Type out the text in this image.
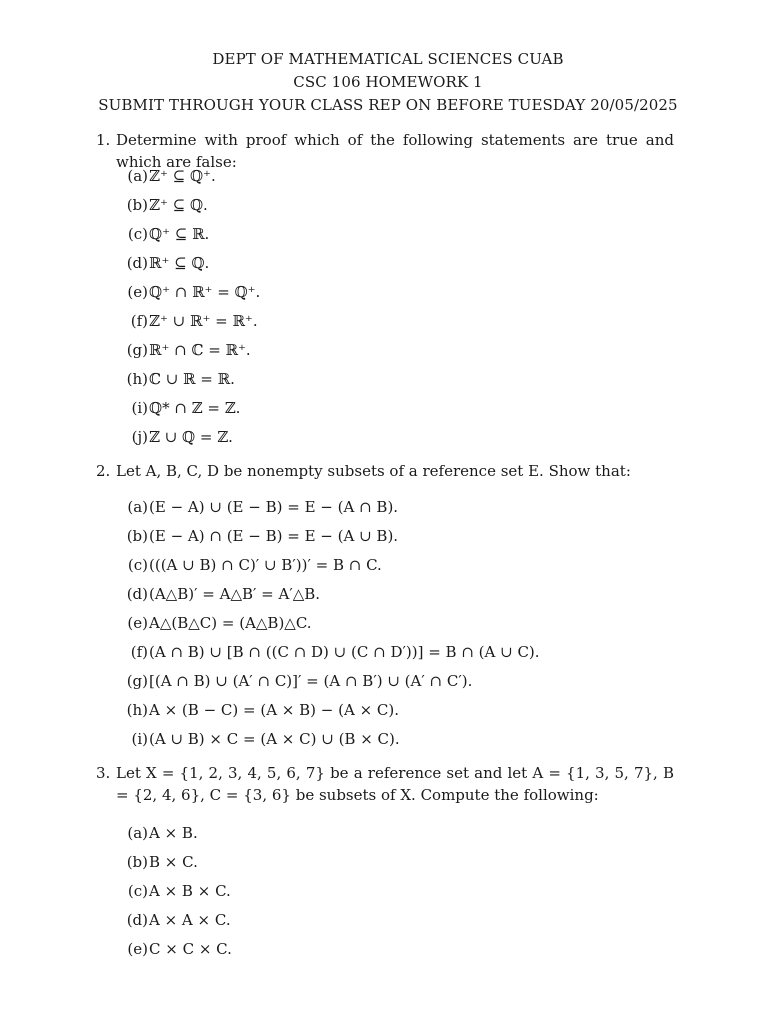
DEPT OF MATHEMATICAL SCIENCES CUAB
CSC 106 HOMEWORK 1
SUBMIT THROUGH YOUR CLASS REP ON BEFORE TUESDAY 20/05/2025
1. Determine with proof which of the following statements are true and which are false:
(a) ℤ⁺ ⊆ ℚ⁺.
(b) ℤ⁺ ⊆ ℚ.
(c) ℚ⁺ ⊆ ℝ.
(d) ℝ⁺ ⊆ ℚ.
(e) ℚ⁺ ∩ ℝ⁺ = ℚ⁺.
(f) ℤ⁺ ∪ ℝ⁺ = ℝ⁺.
(g) ℝ⁺ ∩ ℂ = ℝ⁺.
(h) ℂ ∪ ℝ = ℝ.
(i) ℚ* ∩ ℤ = ℤ.
(j) ℤ ∪ ℚ = ℤ.
2. Let A, B, C, D be nonempty subsets of a reference set E. Show that:
(a) (E − A) ∪ (E − B) = E − (A ∩ B).
(b) (E − A) ∩ (E − B) = E − (A ∪ B).
(c) (((A ∪ B) ∩ C)′ ∪ B′))′ = B ∩ C.
(d) (A△B)′ = A△B′ = A′△B.
(e) A△(B△C) = (A△B)△C.
(f) (A ∩ B) ∪ [B ∩ ((C ∩ D) ∪ (C ∩ D′))] = B ∩ (A ∪ C).
(g) [(A ∩ B) ∪ (A′ ∩ C)]′ = (A ∩ B′) ∪ (A′ ∩ C′).
(h) A × (B − C) = (A × B) − (A × C).
(i) (A ∪ B) × C = (A × C) ∪ (B × C).
3. Let X = {1, 2, 3, 4, 5, 6, 7} be a reference set and let A = {1, 3, 5, 7}, B = {2, 4, 6}, C = {3, 6} be subsets of X. Compute the following:
(a) A × B.
(b) B × C.
(c) A × B × C.
(d) A × A × C.
(e) C × C × C.
